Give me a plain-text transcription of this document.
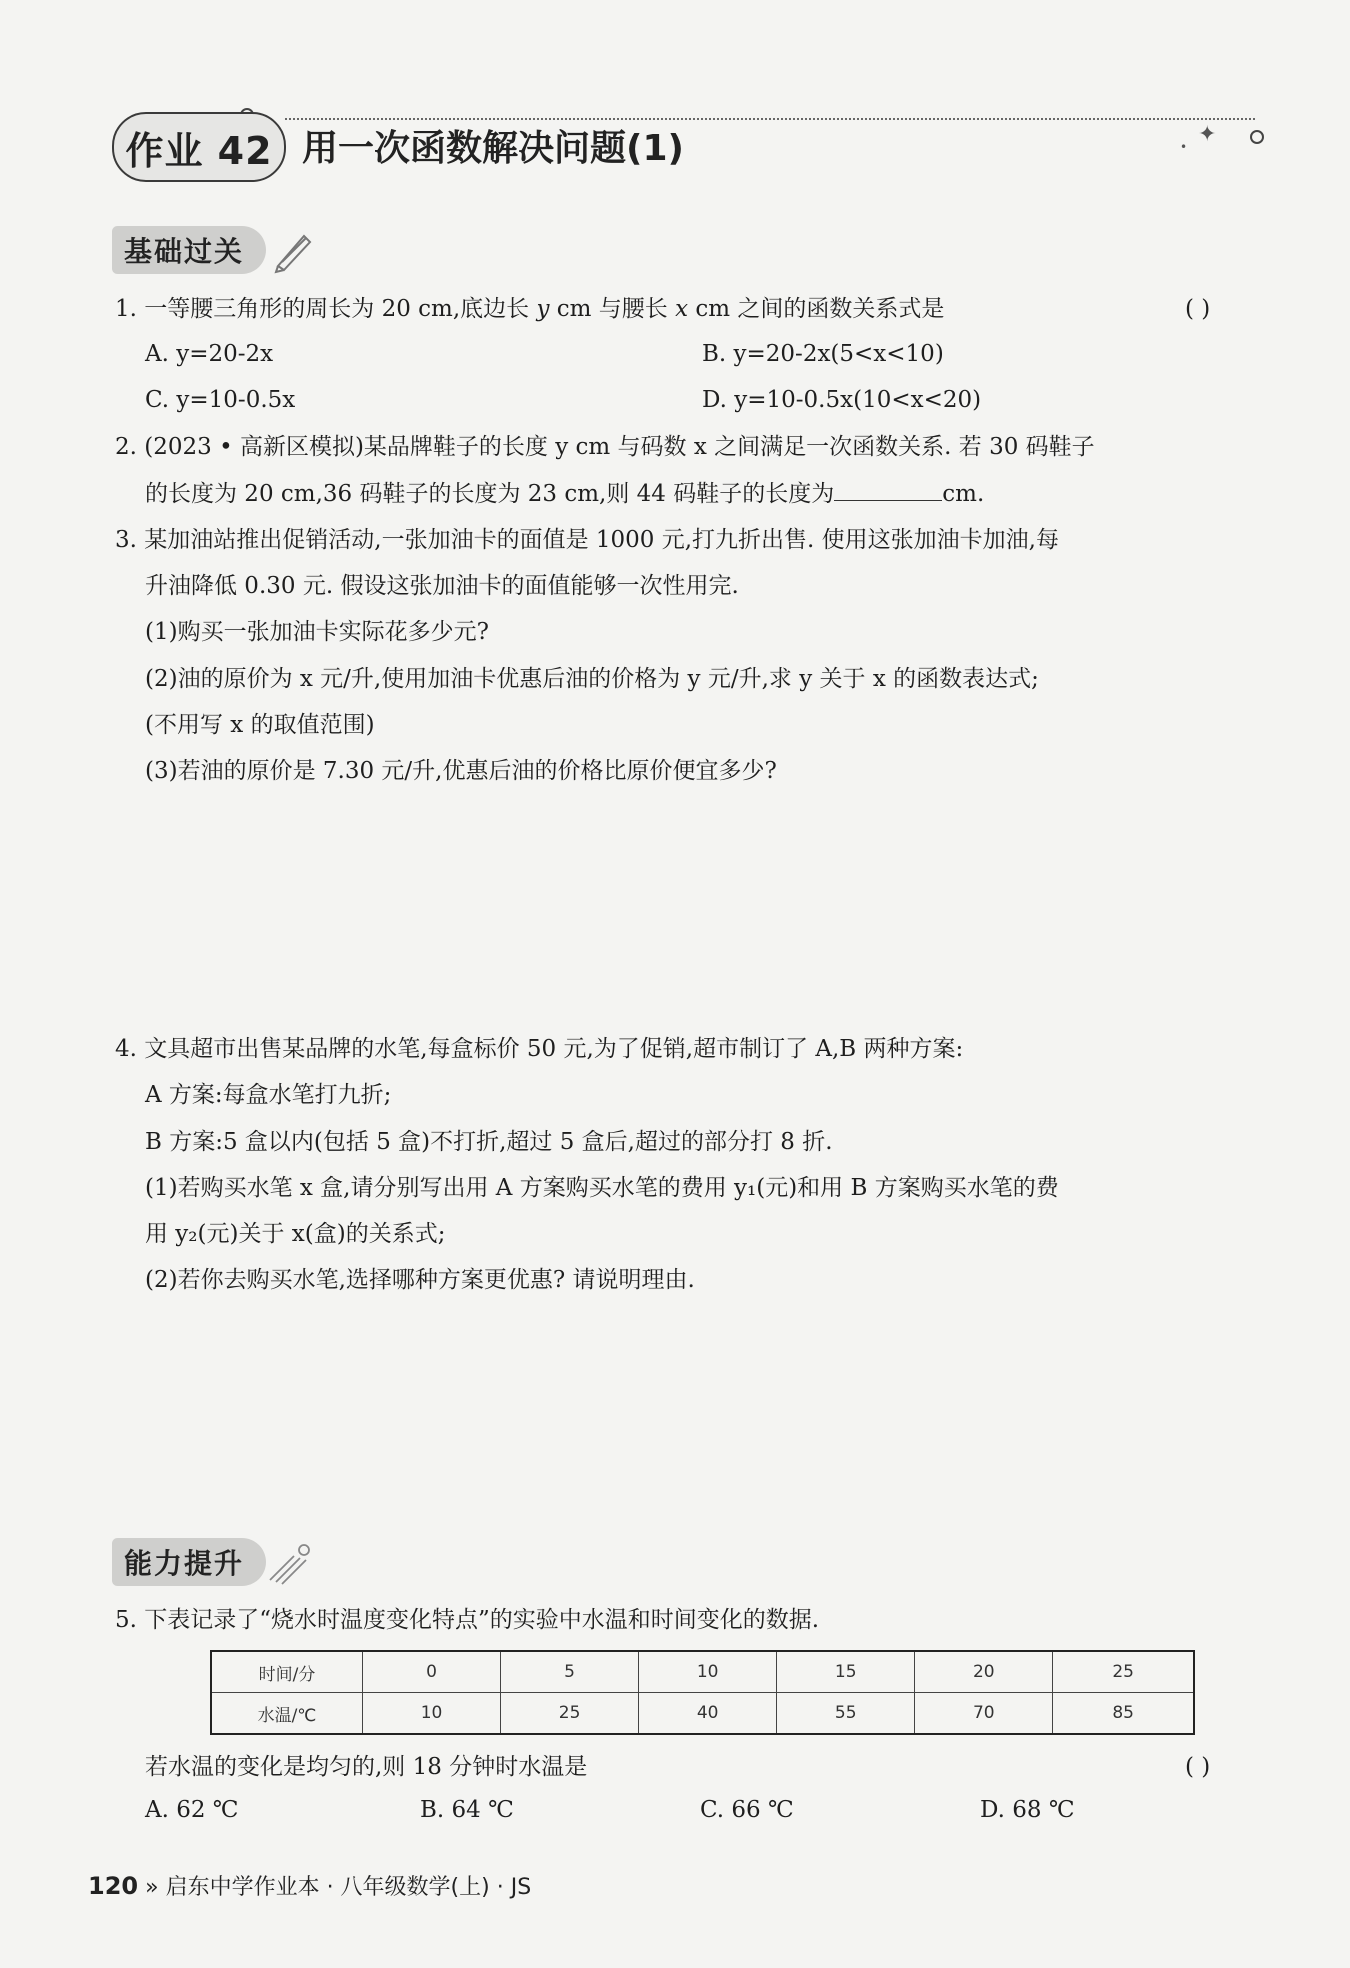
✦
•
作业 42 用一次函数解决问题(1)
基础过关
1. 一等腰三角形的周长为 20 cm,底边长 y cm 与腰长 x cm 之间的函数关系式是	( )
A. y=20-2x	B. y=20-2x(5<x<10)
C. y=10-0.5x	D. y=10-0.5x(10<x<20)
2. (2023 • 高新区模拟)某品牌鞋子的长度 y cm 与码数 x 之间满足一次函数关系. 若 30 码鞋子
的长度为 20 cm,36 码鞋子的长度为 23 cm,则 44 码鞋子的长度为	cm.
3. 某加油站推出促销活动,一张加油卡的面值是 1000 元,打九折出售. 使用这张加油卡加油,每
升油降低 0.30 元. 假设这张加油卡的面值能够一次性用完.
(1)购买一张加油卡实际花多少元?
(2)油的原价为 x 元/升,使用加油卡优惠后油的价格为 y 元/升,求 y 关于 x 的函数表达式;
(不用写 x 的取值范围)
(3)若油的原价是 7.30 元/升,优惠后油的价格比原价便宜多少?
4. 文具超市出售某品牌的水笔,每盒标价 50 元,为了促销,超市制订了 A,B 两种方案:
A 方案:每盒水笔打九折;
B 方案:5 盒以内(包括 5 盒)不打折,超过 5 盒后,超过的部分打 8 折.
(1)若购买水笔 x 盒,请分别写出用 A 方案购买水笔的费用 y₁(元)和用 B 方案购买水笔的费
用 y₂(元)关于 x(盒)的关系式;
(2)若你去购买水笔,选择哪种方案更优惠? 请说明理由.
能力提升
5. 下表记录了“烧水时温度变化特点”的实验中水温和时间变化的数据.
时间/分	0	5	10	15	20	25
水温/℃	10	25	40	55	70	85
若水温的变化是均匀的,则 18 分钟时水温是	( )
A. 62 ℃	B. 64 ℃	C. 66 ℃	D. 68 ℃
120 » 启东中学作业本 · 八年级数学(上) · JS
